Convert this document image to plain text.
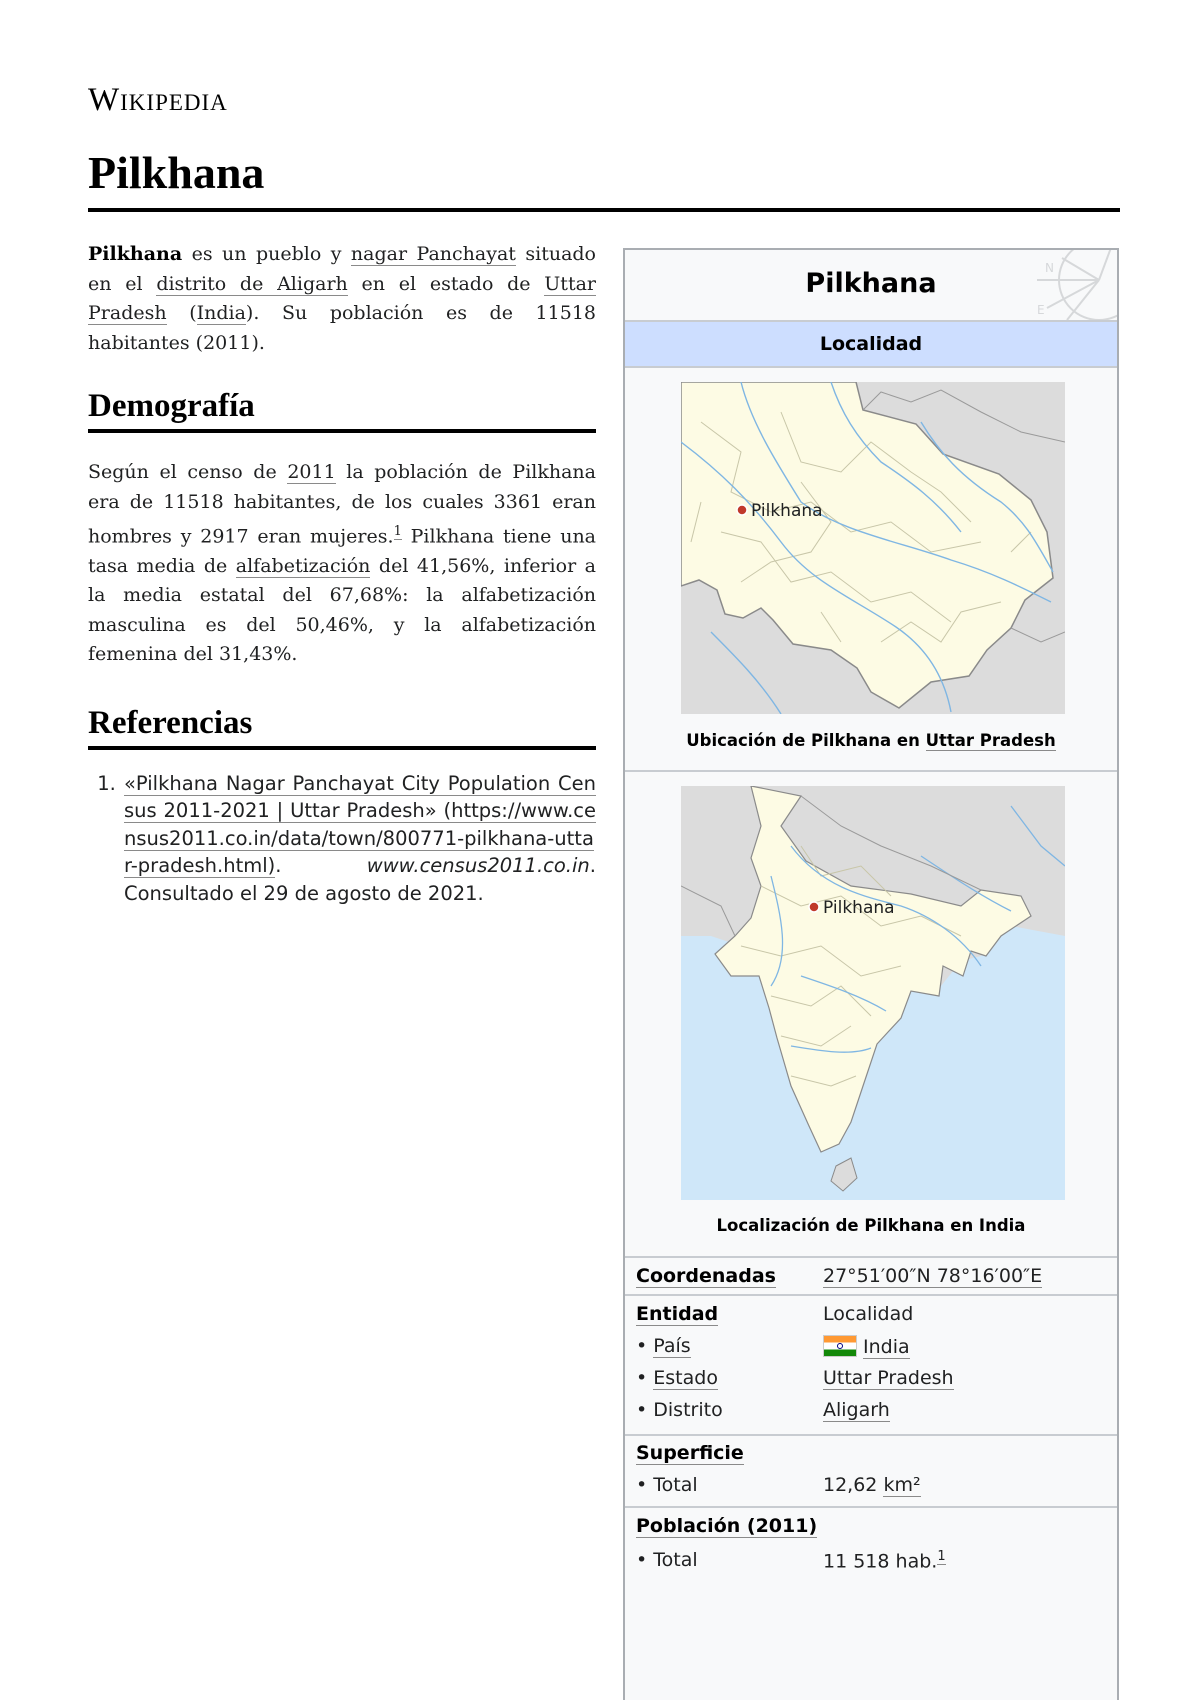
Wikipedia
Pilkhana

Pilkhana es un pueblo y nagar Panchayat situado en el distrito de Aligarh en el estado de Uttar Pradesh (India). Su población es de 11518 habitantes (2011).

Demografía

Según el censo de 2011 la población de Pilkhana era de 11518 habitantes, de los cuales 3361 eran hombres y 2917 eran mujeres.$^1$ Pilkhana tiene una tasa media de alfabetización del 41,56%, inferior a la media estatal del 67,68%: la alfabetización masculina es del 50,46%, y la alfabetización femenina del 31,43%.

Referencias
1. «Pilkhana Nagar Panchayat City Population Census 2011-2021 | Uttar Pradesh» (https://www.census2011.co.in/data/town/800771-pilkhana-uttar-pradesh.html). www.census2011.co.in. Consultado el 29 de agosto de 2021.
Pilkhana	N
E
Localidad
Pilkhana
Ubicación de Pilkhana en Uttar Pradesh
Pilkhana
Localización de Pilkhana en India
Coordenadas 27°51′00″N 78°16′00″E
Entidad	Localidad
• País	India
• Estado	Uttar Pradesh
• Distrito	Aligarh
Superficie
• Total	12,62 km²
Población (2011)
• Total	11 518 hab.$^1$
